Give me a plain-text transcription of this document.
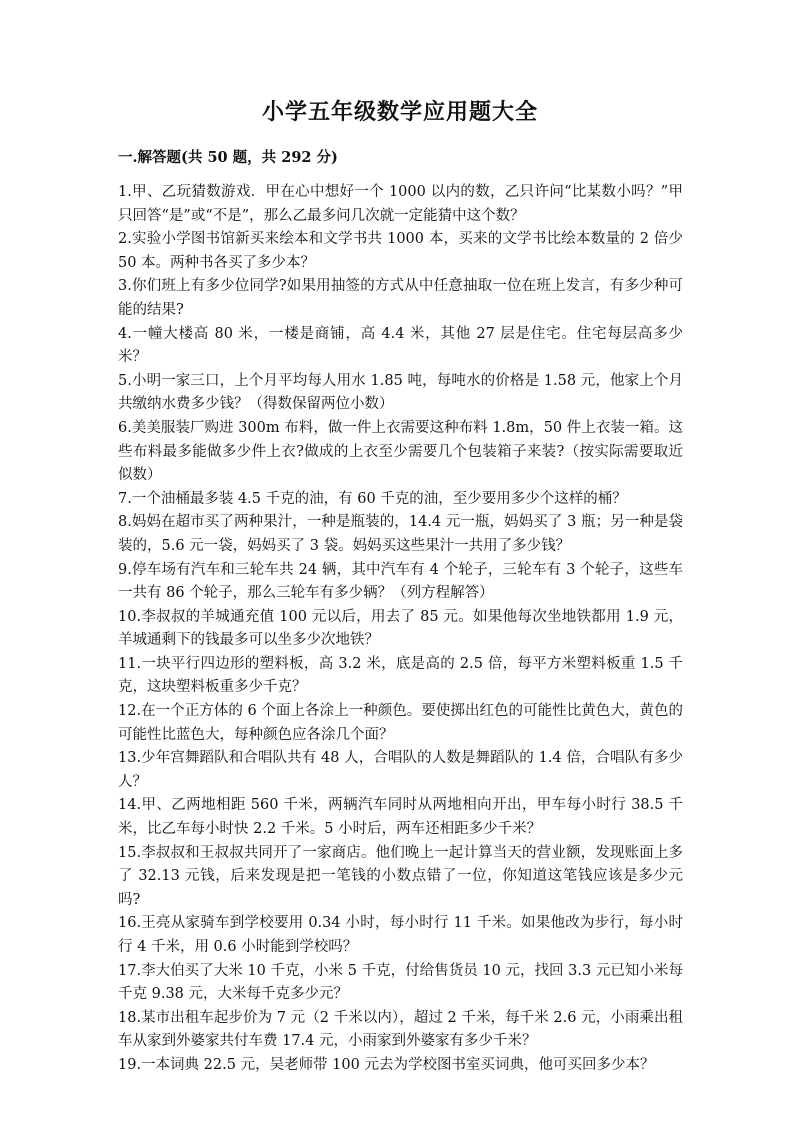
小学五年级数学应用题大全
一.解答题(共 50 题，共 292 分)
1.甲、乙玩猜数游戏．甲在心中想好一个 1000 以内的数，乙只许问“比某数小吗？”甲只回答“是”或“不是”，那么乙最多问几次就一定能猜中这个数？
2.实验小学图书馆新买来绘本和文学书共 1000 本，买来的文学书比绘本数量的 2 倍少 50 本。两种书各买了多少本？
3.你们班上有多少位同学?如果用抽签的方式从中任意抽取一位在班上发言，有多少种可能的结果?
4.一幢大楼高 80 米，一楼是商铺，高 4.4 米，其他 27 层是住宅。住宅每层高多少米？
5.小明一家三口，上个月平均每人用水 1.85 吨，每吨水的价格是 1.58 元，他家上个月共缴纳水费多少钱？（得数保留两位小数）
6.美美服装厂购进 300m 布料，做一件上衣需要这种布料 1.8m，50 件上衣装一箱。这些布料最多能做多少件上衣?做成的上衣至少需要几个包装箱子来装?（按实际需要取近似数）
7.一个油桶最多装 4.5 千克的油，有 60 千克的油，至少要用多少个这样的桶？
8.妈妈在超市买了两种果汁，一种是瓶装的，14.4 元一瓶，妈妈买了 3 瓶；另一种是袋装的，5.6 元一袋，妈妈买了 3 袋。妈妈买这些果汁一共用了多少钱？
9.停车场有汽车和三轮车共 24 辆，其中汽车有 4 个轮子，三轮车有 3 个轮子，这些车一共有 86 个轮子，那么三轮车有多少辆？（列方程解答）
10.李叔叔的羊城通充值 100 元以后，用去了 85 元。如果他每次坐地铁都用 1.9 元，羊城通剩下的钱最多可以坐多少次地铁？
11.一块平行四边形的塑料板，高 3.2 米，底是高的 2.5 倍，每平方米塑料板重 1.5 千克，这块塑料板重多少千克？
12.在一个正方体的 6 个面上各涂上一种颜色。要使掷出红色的可能性比黄色大，黄色的可能性比蓝色大，每种颜色应各涂几个面？
13.少年宫舞蹈队和合唱队共有 48 人，合唱队的人数是舞蹈队的 1.4 倍，合唱队有多少人？
14.甲、乙两地相距 560 千米，两辆汽车同时从两地相向开出，甲车每小时行 38.5 千米，比乙车每小时快 2.2 千米。5 小时后，两车还相距多少千米？
15.李叔叔和王叔叔共同开了一家商店。他们晚上一起计算当天的营业额，发现账面上多了 32.13 元钱，后来发现是把一笔钱的小数点错了一位，你知道这笔钱应该是多少元吗?
16.王亮从家骑车到学校要用 0.34 小时，每小时行 11 千米。如果他改为步行，每小时行 4 千米，用 0.6 小时能到学校吗？
17.李大伯买了大米 10 千克，小米 5 千克，付给售货员 10 元，找回 3.3 元已知小米每千克 9.38 元，大米每千克多少元？
18.某市出租车起步价为 7 元（2 千米以内），超过 2 千米，每千米 2.6 元，小雨乘出租车从家到外婆家共付车费 17.4 元，小雨家到外婆家有多少千米？
19.一本词典 22.5 元，吴老师带 100 元去为学校图书室买词典，他可买回多少本？
